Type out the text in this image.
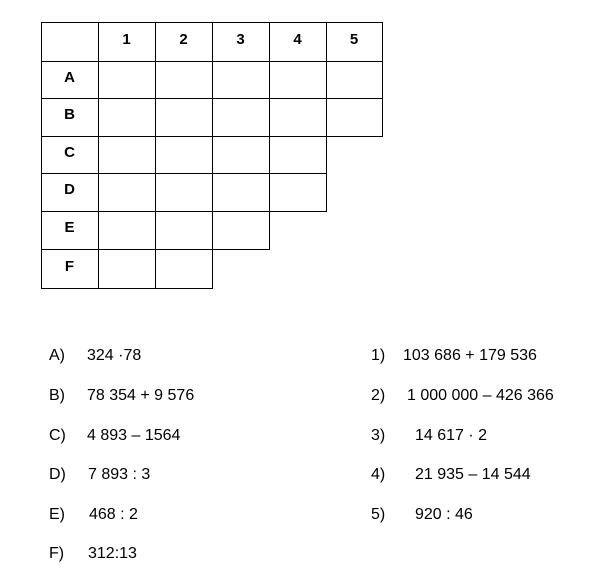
1	2	3	4	5
A
B
C
D
E
F
A) 324 ·78
B) 78 354 + 9 576
C) 4 893 – 1564
D) 7 893 : 3
E) 468 : 2
F) 312:13
1) 103 686 + 179 536
2) 1 000 000 – 426 366
3) 14 617 · 2
4) 21 935 – 14 544
5) 920 : 46
